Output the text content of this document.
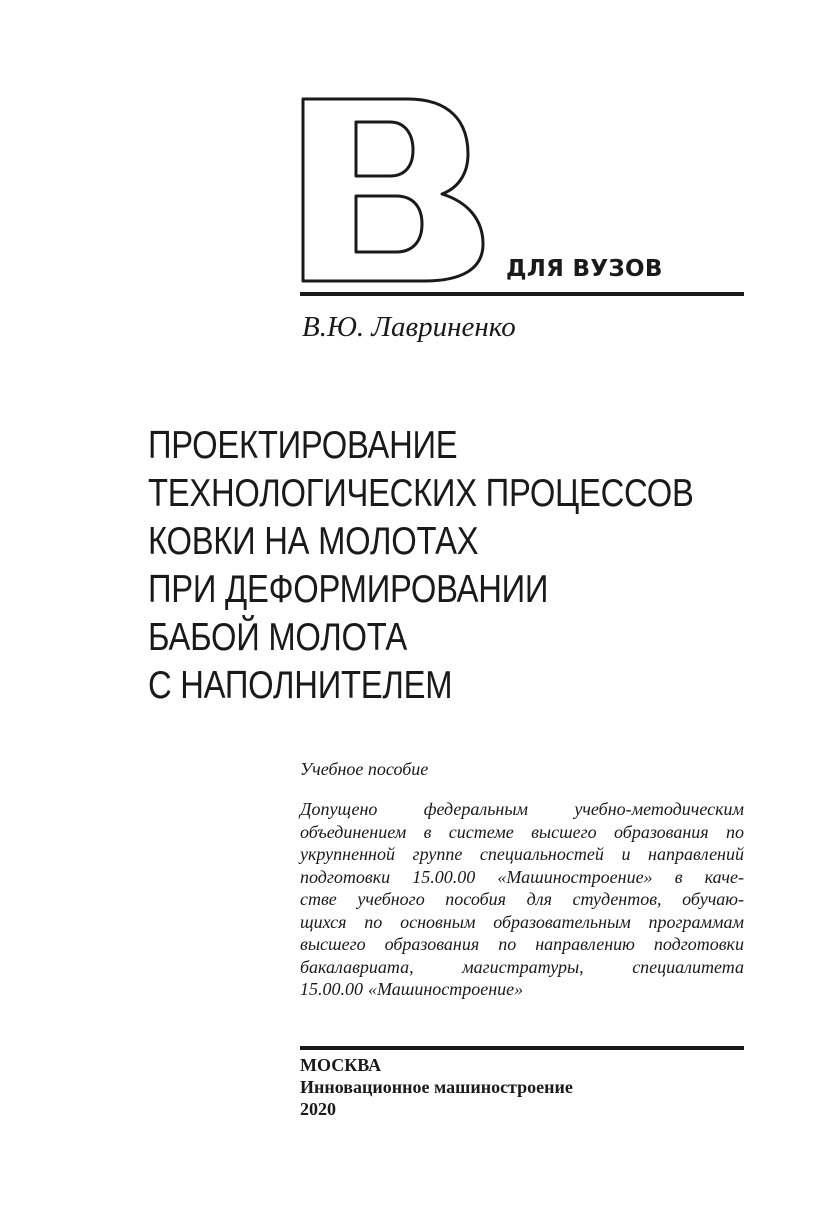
ДЛЯ ВУЗОВ
В.Ю. Лавриненко
ПРОЕКТИРОВАНИЕ
ТЕХНОЛОГИЧЕСКИХ ПРОЦЕССОВ
КОВКИ НА МОЛОТАХ
ПРИ ДЕФОРМИРОВАНИИ
БАБОЙ МОЛОТА
С НАПОЛНИТЕЛЕМ
Учебное пособие
Допущено	федеральным	учебно-методическим
объединением в системе высшего образования по
укрупненной группе специальностей и направлений
подготовки 15.00.00 «Машиностроение» в каче-
стве учебного пособия для студентов, обучаю-
щихся по основным образовательным программам
высшего образования по направлению подготовки
бакалавриата,	магистратуры,	специалитета
15.00.00 «Машиностроение»
МОСКВА
Инновационное машиностроение
2020
